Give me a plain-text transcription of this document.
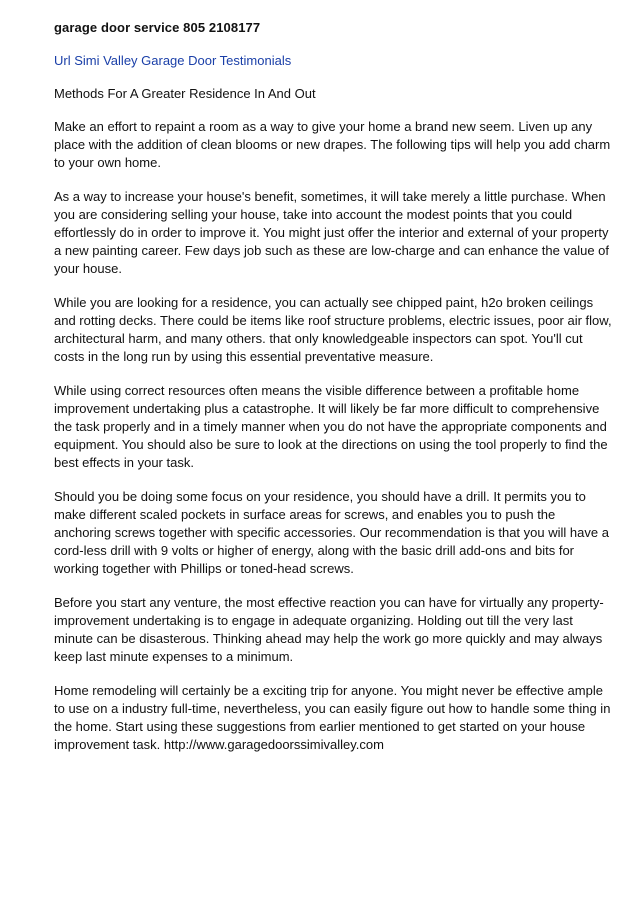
garage door service 805 2108177
Url Simi Valley Garage Door Testimonials
Methods For A Greater Residence In And Out

Make an effort to repaint a room as a way to give your home a brand new seem. Liven up any place with the addition of clean blooms or new drapes. The following tips will help you add charm to your own home.

As a way to increase your house's benefit, sometimes, it will take merely a little purchase. When you are considering selling your house, take into account the modest points that you could effortlessly do in order to improve it. You might just offer the interior and external of your property a new painting career. Few days job such as these are low-charge and can enhance the value of your house.

While you are looking for a residence, you can actually see chipped paint, h2o broken ceilings and rotting decks. There could be items like roof structure problems, electric issues, poor air flow, architectural harm, and many others. that only knowledgeable inspectors can spot. You'll cut costs in the long run by using this essential preventative measure.

While using correct resources often means the visible difference between a profitable home improvement undertaking plus a catastrophe. It will likely be far more difficult to comprehensive the task properly and in a timely manner when you do not have the appropriate components and equipment. You should also be sure to look at the directions on using the tool properly to find the best effects in your task.

Should you be doing some focus on your residence, you should have a drill. It permits you to make different scaled pockets in surface areas for screws, and enables you to push the anchoring screws together with specific accessories. Our recommendation is that you will have a cord-less drill with 9 volts or higher of energy, along with the basic drill add-ons and bits for working together with Phillips or toned-head screws.

Before you start any venture, the most effective reaction you can have for virtually any property-improvement undertaking is to engage in adequate organizing. Holding out till the very last minute can be disasterous. Thinking ahead may help the work go more quickly and may always keep last minute expenses to a minimum.

Home remodeling will certainly be a exciting trip for anyone. You might never be effective ample to use on a industry full-time, nevertheless, you can easily figure out how to handle some thing in the home. Start using these suggestions from earlier mentioned to get started on your house improvement task. http://www.garagedoorssimivalley.com
